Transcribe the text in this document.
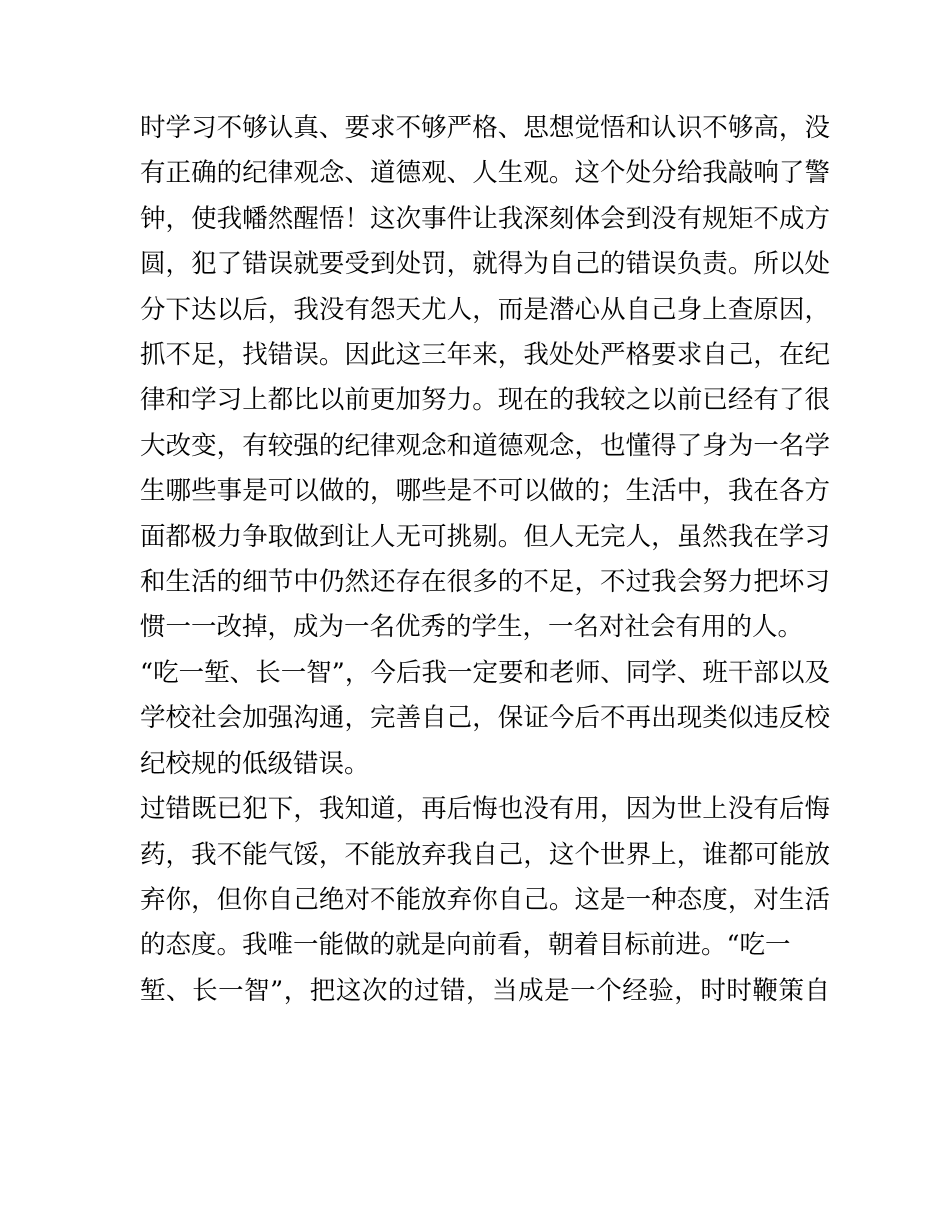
时学习不够认真、要求不够严格、思想觉悟和认识不够高，没
有正确的纪律观念、道德观、人生观。这个处分给我敲响了警
钟，使我幡然醒悟！这次事件让我深刻体会到没有规矩不成方
圆，犯了错误就要受到处罚，就得为自己的错误负责。所以处
分下达以后，我没有怨天尤人，而是潜心从自己身上查原因，
抓不足，找错误。因此这三年来，我处处严格要求自己，在纪
律和学习上都比以前更加努力。现在的我较之以前已经有了很
大改变，有较强的纪律观念和道德观念，也懂得了身为一名学
生哪些事是可以做的，哪些是不可以做的；生活中，我在各方
面都极力争取做到让人无可挑剔。但人无完人，虽然我在学习
和生活的细节中仍然还存在很多的不足，不过我会努力把坏习
惯一一改掉，成为一名优秀的学生，一名对社会有用的人。
“吃一堑、长一智”，今后我一定要和老师、同学、班干部以及
学校社会加强沟通，完善自己，保证今后不再出现类似违反校
纪校规的低级错误。
过错既已犯下，我知道，再后悔也没有用，因为世上没有后悔
药，我不能气馁，不能放弃我自己，这个世界上，谁都可能放
弃你，但你自己绝对不能放弃你自己。这是一种态度，对生活
的态度。我唯一能做的就是向前看，朝着目标前进。“吃一
堑、长一智”，把这次的过错，当成是一个经验，时时鞭策自
